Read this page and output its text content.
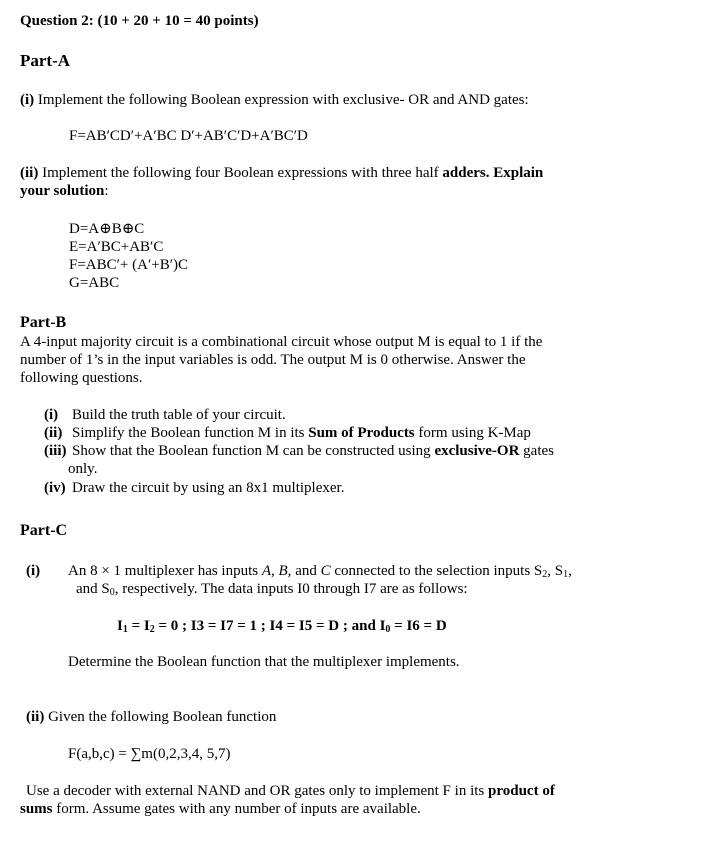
Question 2: (10 + 20 + 10 = 40 points)
Part-A
(i) Implement the following Boolean expression with exclusive- OR and AND gates:
F=AB′CD′+A′BC D′+AB′C′D+A′BC′D
(ii) Implement the following four Boolean expressions with three half adders. Explain
your solution:
D=A⊕B⊕C
E=A′BC+AB′C
F=ABC′+ (A′+B′)C
G=ABC
Part-B
A 4-input majority circuit is a combinational circuit whose output M is equal to 1 if the
number of 1’s in the input variables is odd. The output M is 0 otherwise. Answer the
following questions.
(i) Build the truth table of your circuit.
(ii) Simplify the Boolean function M in its Sum of Products form using K-Map
(iii) Show that the Boolean function M can be constructed using exclusive-OR gates
only.
(iv) Draw the circuit by using an 8x1 multiplexer.
Part-C
(i) An 8 × 1 multiplexer has inputs A, B, and C connected to the selection inputs S2, S1,
and S0, respectively. The data inputs I0 through I7 are as follows:
I1 = I2 = 0 ; I3 = I7 = 1 ; I4 = I5 = D ; and I0 = I6 = D
Determine the Boolean function that the multiplexer implements.
(ii) Given the following Boolean function
F(a,b,c) = ∑m(0,2,3,4, 5,7)
Use a decoder with external NAND and OR gates only to implement F in its product of
sums form. Assume gates with any number of inputs are available.
